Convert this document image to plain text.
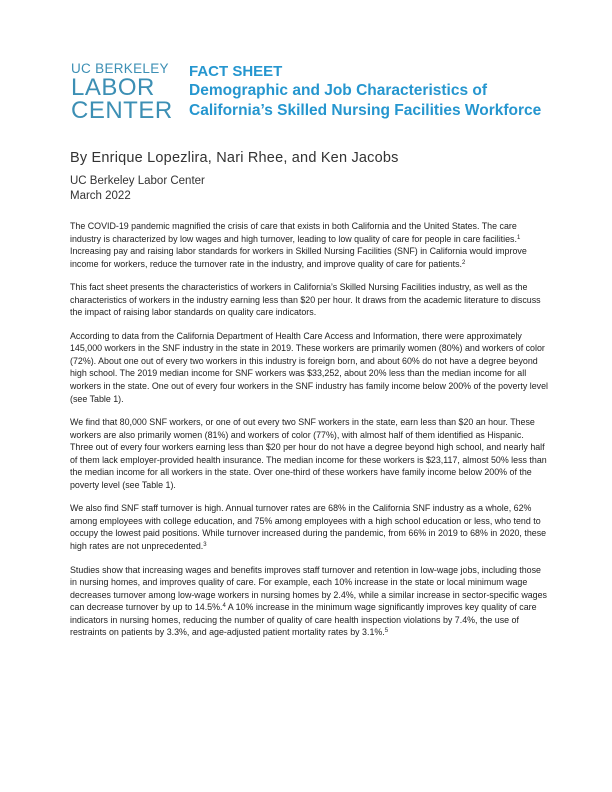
UC BERKELEY
LABOR
CENTER
FACT SHEET
Demographic and Job Characteristics of
California’s Skilled Nursing Facilities Workforce
By Enrique Lopezlira, Nari Rhee, and Ken Jacobs
UC Berkeley Labor Center
March 2022

The COVID-19 pandemic magnified the crisis of care that exists in both California and the United States. The care industry is characterized by low wages and high turnover, leading to low quality of care for people in care facilities.$^1$ Increasing pay and raising labor standards for workers in Skilled Nursing Facilities (SNF) in California would improve income for workers, reduce the turnover rate in the industry, and improve quality of care for patients.$^2$

This fact sheet presents the characteristics of workers in California’s Skilled Nursing Facilities industry, as well as the characteristics of workers in the industry earning less than $20 per hour. It draws from the academic literature to discuss the impact of raising labor standards on quality care indicators.

According to data from the California Department of Health Care Access and Information, there were approximately 145,000 workers in the SNF industry in the state in 2019. These workers are primarily women (80%) and workers of color (72%). About one out of every two workers in this industry is foreign born, and about 60% do not have a degree beyond high school. The 2019 median income for SNF workers was $33,252, about 20% less than the median income for all workers in the state. One out of every four workers in the SNF industry has family income below 200% of the poverty level (see Table 1).

We find that 80,000 SNF workers, or one of out every two SNF workers in the state, earn less than $20 an hour. These workers are also primarily women (81%) and workers of color (77%), with almost half of them identified as Hispanic. Three out of every four workers earning less than $20 per hour do not have a degree beyond high school, and nearly half of them lack employer-provided health insurance. The median income for these workers is $23,117, almost 50% less than the median income for all workers in the state. Over one-third of these workers have family income below 200% of the poverty level (see Table 1).

We also find SNF staff turnover is high. Annual turnover rates are 68% in the California SNF industry as a whole, 62% among employees with college education, and 75% among employees with a high school education or less, who tend to occupy the lowest paid positions. While turnover increased during the pandemic, from 66% in 2019 to 68% in 2020, these high rates are not unprecedented.$^3$

Studies show that increasing wages and benefits improves staff turnover and retention in low-wage jobs, including those in nursing homes, and improves quality of care. For example, each 10% increase in the state or local minimum wage decreases turnover among low-wage workers in nursing homes by 2.4%, while a similar increase in sector-specific wages can decrease turnover by up to 14.5%.$^4$ A 10% increase in the minimum wage significantly improves key quality of care indicators in nursing homes, reducing the number of quality of care health inspection violations by 7.4%, the use of restraints on patients by 3.3%, and age-adjusted patient mortality rates by 3.1%.$^5$
